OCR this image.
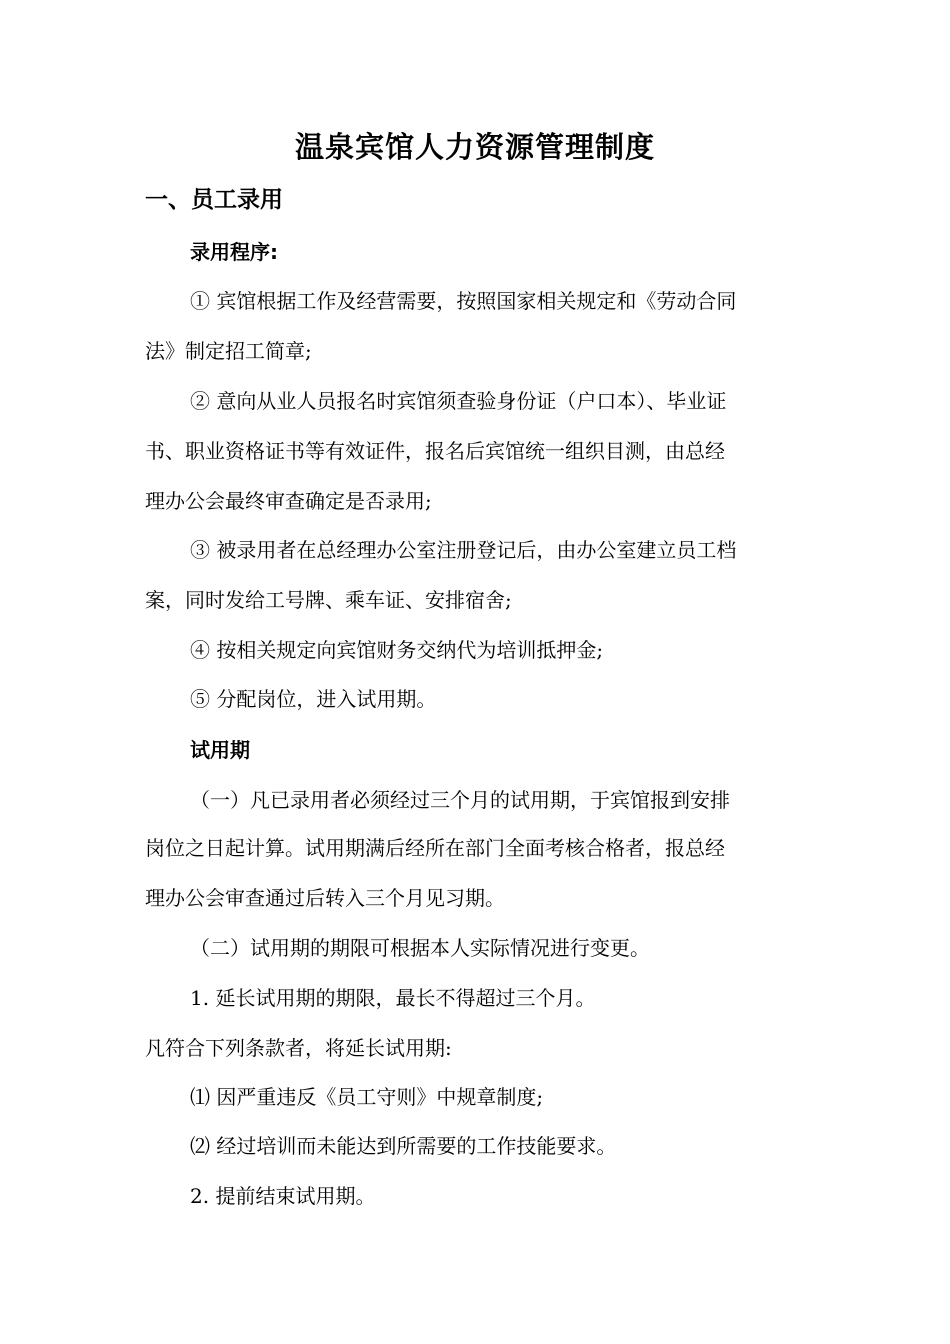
温泉宾馆人力资源管理制度
一、员工录用
录用程序:
① 宾馆根据工作及经营需要，按照国家相关规定和《劳动合同
法》制定招工简章;
② 意向从业人员报名时宾馆须查验身份证（户口本）、毕业证
书、职业资格证书等有效证件，报名后宾馆统一组织目测，由总经
理办公会最终审查确定是否录用;
③ 被录用者在总经理办公室注册登记后，由办公室建立员工档
案，同时发给工号牌、乘车证、安排宿舍;
④ 按相关规定向宾馆财务交纳代为培训抵押金;
⑤ 分配岗位，进入试用期。
试用期
（一）凡已录用者必须经过三个月的试用期，于宾馆报到安排
岗位之日起计算。试用期满后经所在部门全面考核合格者，报总经
理办公会审查通过后转入三个月见习期。
（二）试用期的期限可根据本人实际情况进行变更。
1. 延长试用期的期限，最长不得超过三个月。
凡符合下列条款者，将延长试用期:
⑴ 因严重违反《员工守则》中规章制度;
⑵ 经过培训而未能达到所需要的工作技能要求。
2. 提前结束试用期。
